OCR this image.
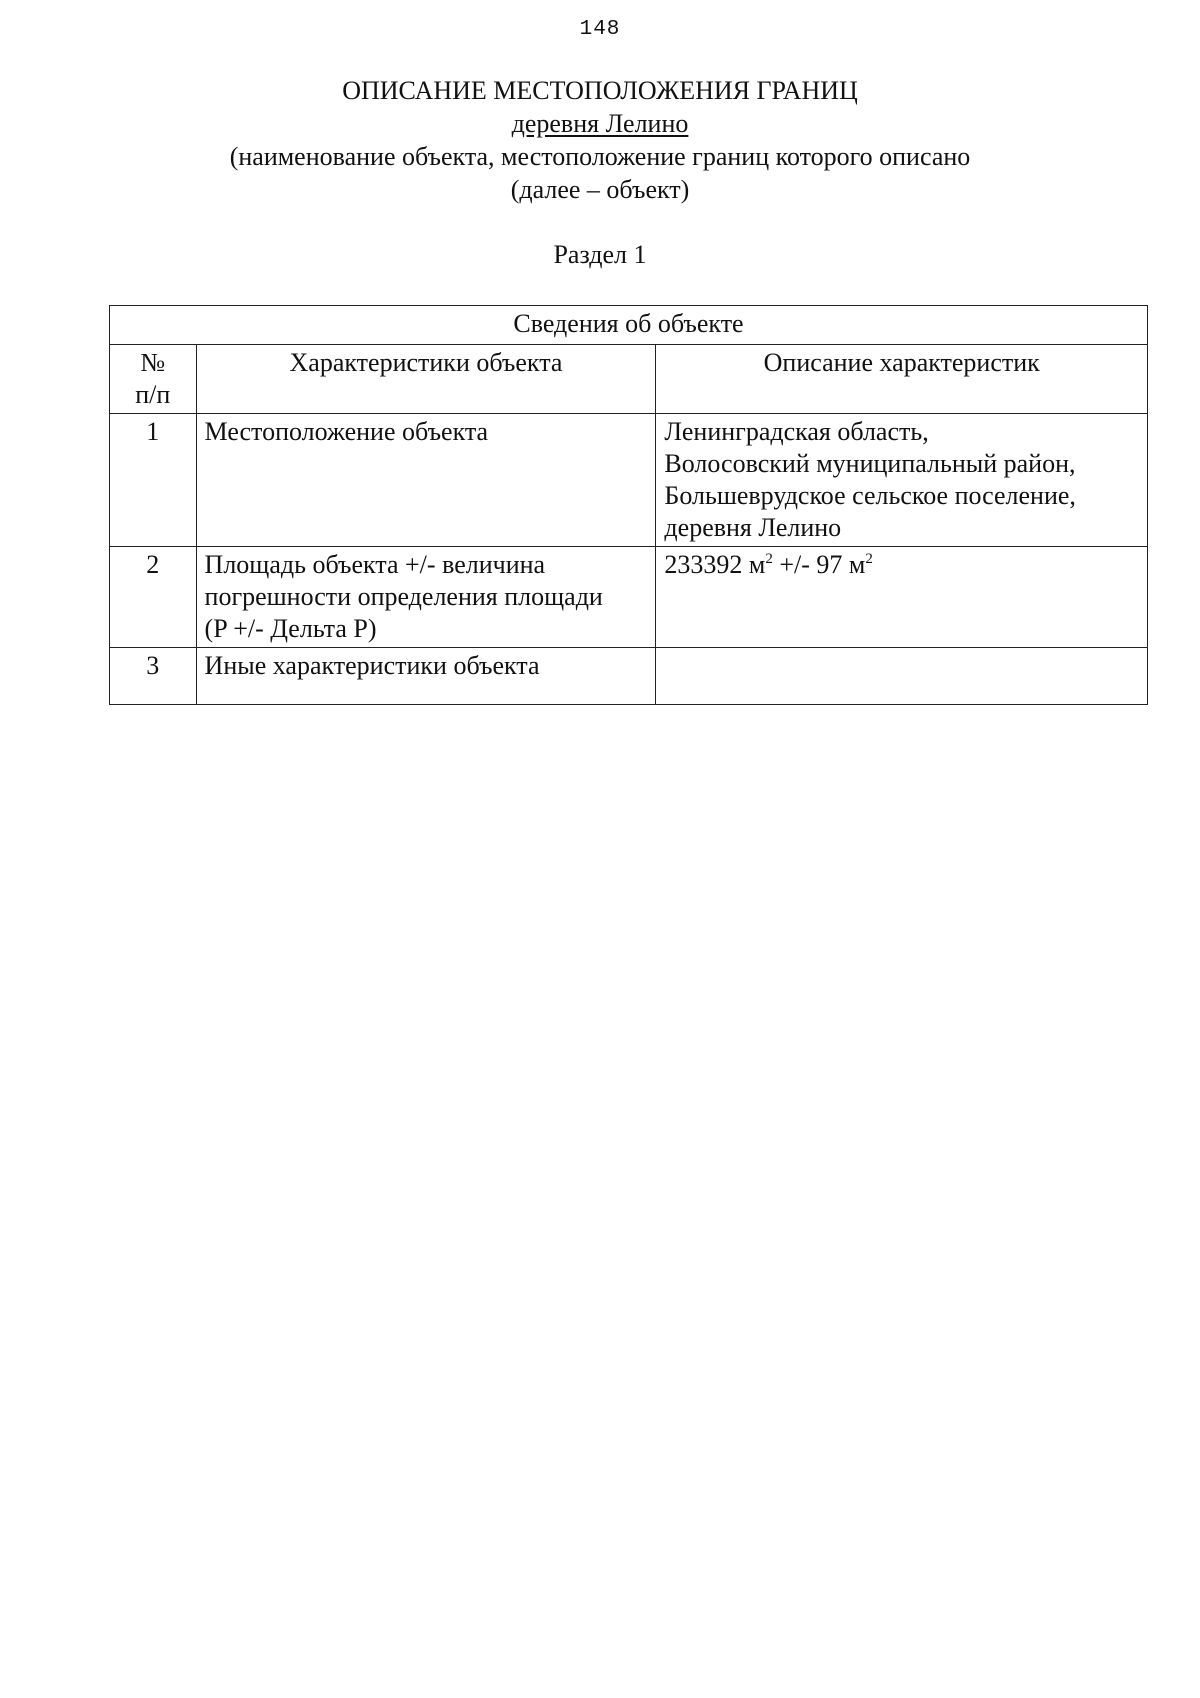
148
ОПИСАНИЕ МЕСТОПОЛОЖЕНИЯ ГРАНИЦ
деревня Лелино
(наименование объекта, местоположение границ которого описано
(далее – объект)
Раздел 1
Сведения об объекте		

№
п/п	Характеристики объекта	Описание характеристик
1	Местоположение объекта	Ленинградская область,
Волосовский муниципальный район,
Большеврудское сельское поселение,
деревня Лелино

2	Площадь объекта +/- величина
погрешности определения площади
(P +/- Дельта P)	233392 $м^2$ +/- 97 $м^2$
3	Иные характеристики объекта	
